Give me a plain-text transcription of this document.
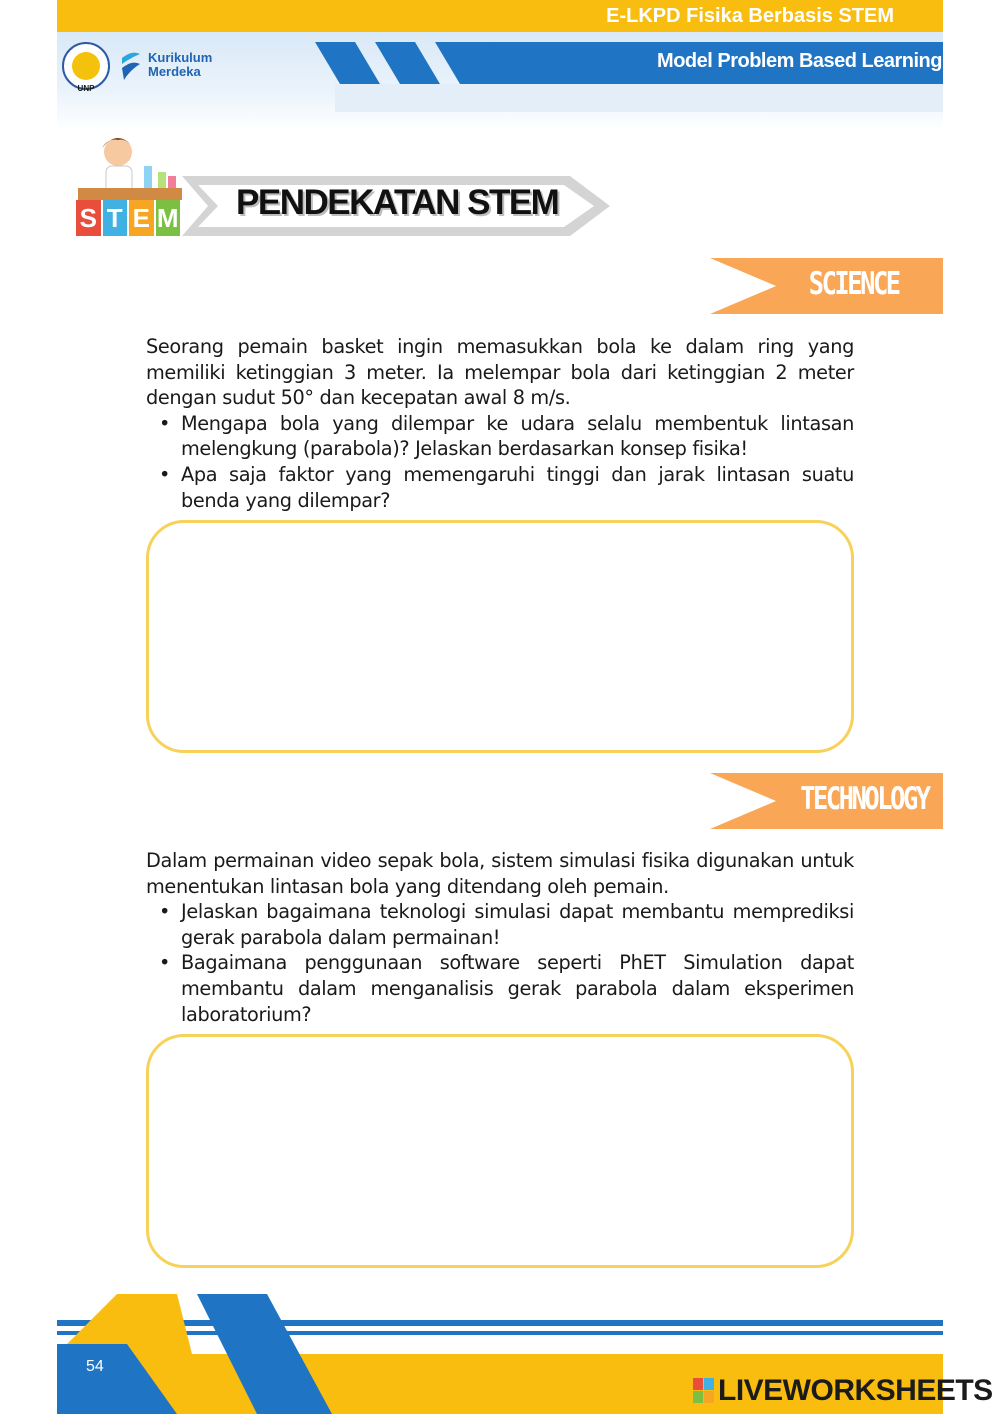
E-LKPD Fisika Berbasis STEM
Model Problem Based Learning
UNP
Kurikulum
Merdeka
S T E M PENDEKATAN STEM
SCIENCE

Seorang pemain basket ingin memasukkan bola ke dalam ring yang memiliki ketinggian 3 meter. Ia melempar bola dari ketinggian 2 meter dengan sudut 50° dan kecepatan awal 8 m/s.

• Mengapa bola yang dilempar ke udara selalu membentuk lintasan melengkung (parabola)? Jelaskan berdasarkan konsep fisika!
• Apa saja faktor yang memengaruhi tinggi dan jarak lintasan suatu benda yang dilempar?
TECHNOLOGY

Dalam permainan video sepak bola, sistem simulasi fisika digunakan untuk menentukan lintasan bola yang ditendang oleh pemain.

• Jelaskan bagaimana teknologi simulasi dapat membantu memprediksi gerak parabola dalam permainan!
• Bagaimana penggunaan software seperti PhET Simulation dapat membantu dalam menganalisis gerak parabola dalam eksperimen laboratorium?
54
LIVEWORKSHEETS
